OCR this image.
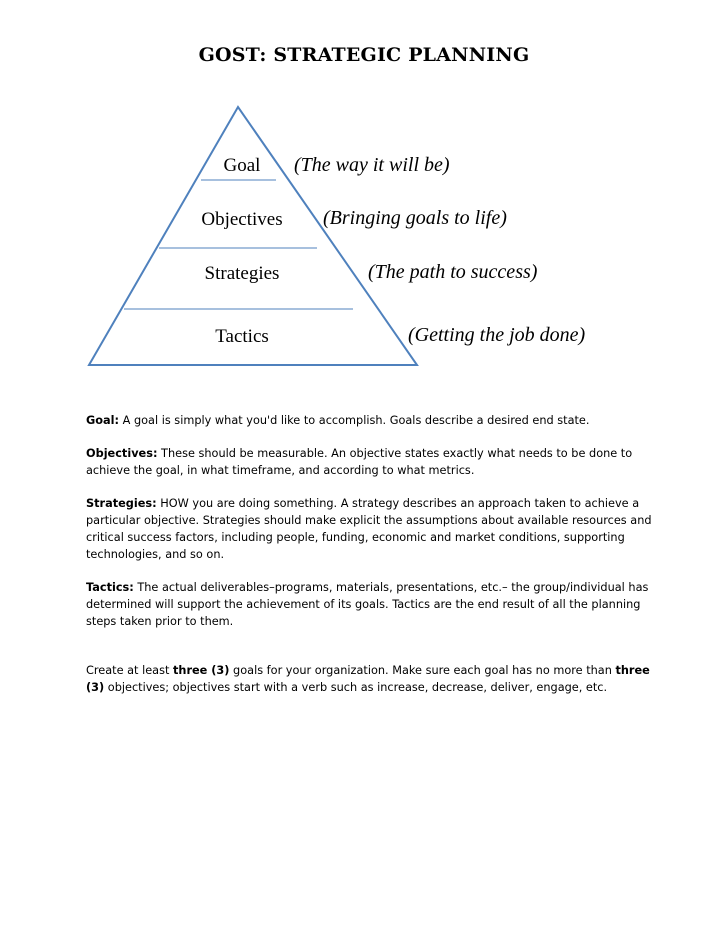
GOST: STRATEGIC PLANNING
Goal
Objectives
Strategies
Tactics
(The way it will be)
(Bringing goals to life)
(The path to success)
(Getting the job done)

Goal: A goal is simply what you'd like to accomplish. Goals describe a desired end state.

Objectives: These should be measurable. An objective states exactly what needs to be done to achieve the goal, in what timeframe, and according to what metrics.

Strategies: HOW you are doing something. A strategy describes an approach taken to achieve a particular objective. Strategies should make explicit the assumptions about available resources and critical success factors, including people, funding, economic and market conditions, supporting technologies, and so on.

Tactics: The actual deliverables–programs, materials, presentations, etc.– the group/individual has determined will support the achievement of its goals. Tactics are the end result of all the planning steps taken prior to them.

Create at least three (3) goals for your organization. Make sure each goal has no more than three (3) objectives; objectives start with a verb such as increase, decrease, deliver, engage, etc.
